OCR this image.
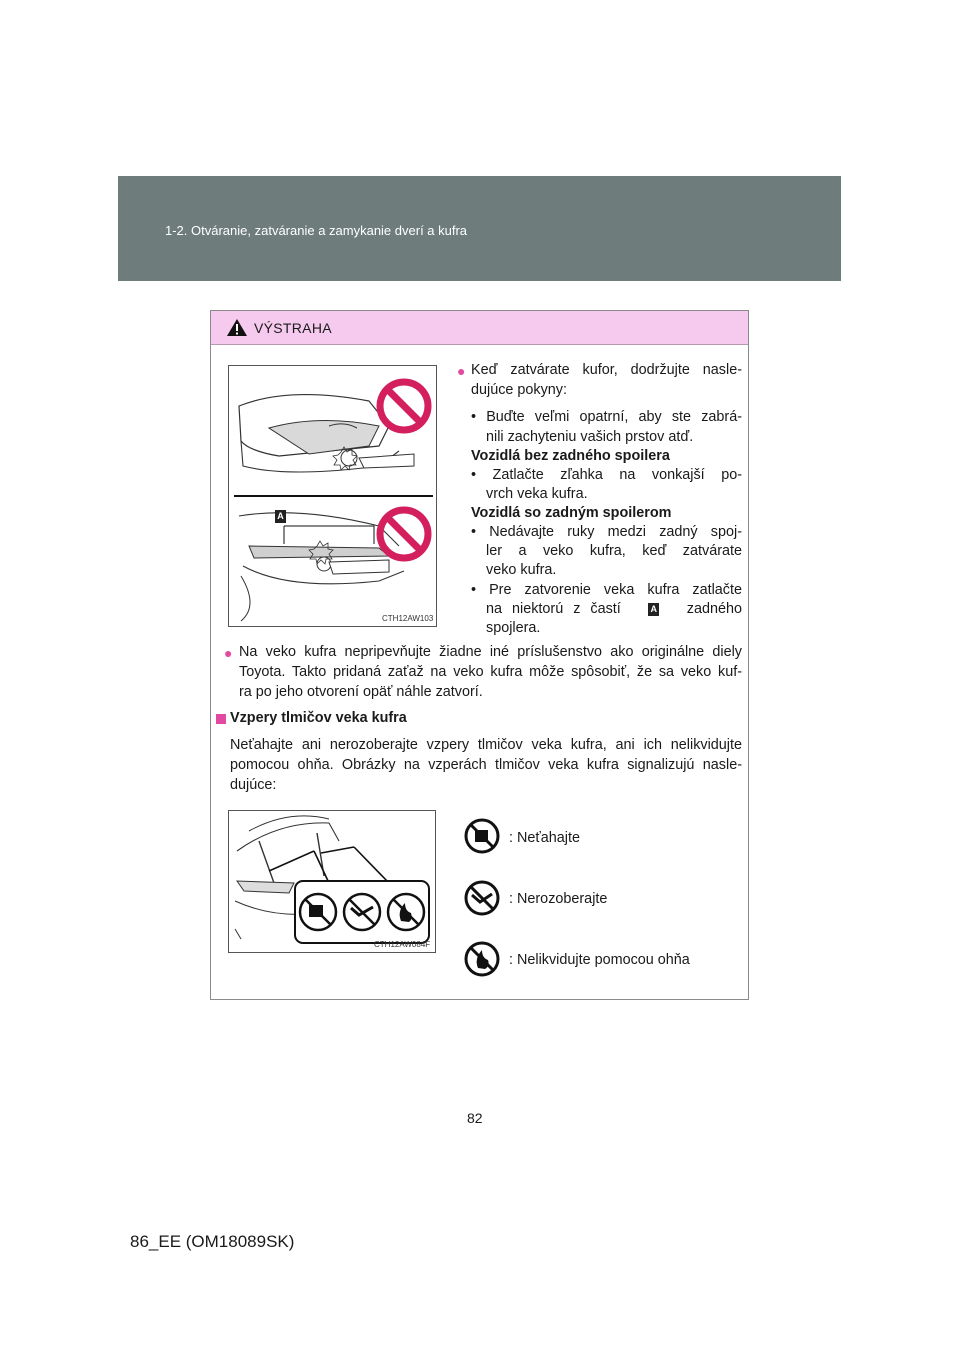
1-2. Otváranie, zatváranie a zamykanie dverí a kufra
VÝSTRAHA
A
CTH12AW103
● Keď zatvárate kufor, dodržujte nasle-
dujúce pokyny:
• Buďte veľmi opatrní, aby ste zabrá-
nili zachyteniu vašich prstov atď.
Vozidlá bez zadného spoilera
• Zatlačte zľahka na vonkajší po-
vrch veka kufra.
Vozidlá so zadným spoilerom
• Nedávajte ruky medzi zadný spoj-
ler a veko kufra, keď zatvárate
veko kufra.
• Pre zatvorenie veka kufra zatlačte
na niektorú z častí	A zadného
spojlera.
● Na veko kufra nepripevňujte žiadne iné príslušenstvo ako originálne diely
Toyota. Takto pridaná zaťaž na veko kufra môže spôsobiť, že sa veko kuf-
ra po jeho otvorení opäť náhle zatvorí.
Vzpery tlmičov veka kufra
Neťahajte ani nerozoberajte vzpery tlmičov veka kufra, ani ich nelikvidujte
pomocou ohňa. Obrázky na vzperách tlmičov veka kufra signalizujú nasle-
dujúce:
CTH12AW084F
: Neťahajte
: Nerozoberajte
: Nelikvidujte pomocou ohňa
82
86_EE (OM18089SK)
